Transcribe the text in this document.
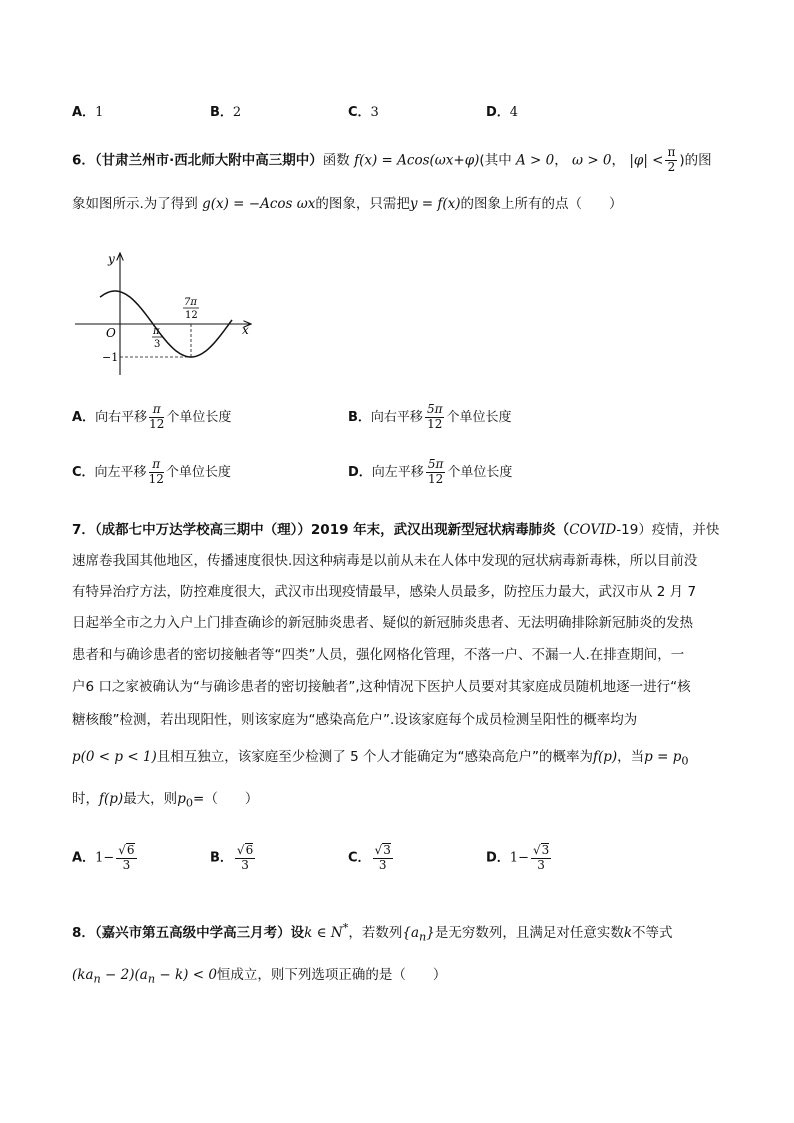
A．1	B．2	C．3	D．4
6．（甘肃兰州市·西北师大附中高三期中）函数 f(x) = Acos(ωx+φ)(其中 A > 0， ω > 0， $|\varphi| < \frac{\pi}{2}$ )的图
象如图所示.为了得到 g(x) = −Acos ωx的图象，只需把y = f(x)的图象上所有的点（　　）
y
x
O	π
3
7π
12
−1
A．向右平移 $\frac{\pi}{12}$ 个单位长度	B．向右平移 $\frac{5\pi}{12}$ 个单位长度
C．向左平移 $\frac{\pi}{12}$ 个单位长度	D．向左平移 $\frac{5\pi}{12}$ 个单位长度
7．（成都七中万达学校高三期中（理））2019 年末，武汉出现新型冠状病毒肺炎（COVID-19）疫情，并快
速席卷我国其他地区，传播速度很快.因这种病毒是以前从未在人体中发现的冠状病毒新毒株，所以目前没
有特异治疗方法，防控难度很大，武汉市出现疫情最早，感染人员最多，防控压力最大，武汉市从 2 月 7
日起举全市之力入户上门排查确诊的新冠肺炎患者、疑似的新冠肺炎患者、无法明确排除新冠肺炎的发热
患者和与确诊患者的密切接触者等“四类”人员，强化网格化管理，不落一户、不漏一人.在排查期间，一
户6 口之家被确认为“与确诊患者的密切接触者”,这种情况下医护人员要对其家庭成员随机地逐一进行“核
糖核酸”检测，若出现阳性，则该家庭为“感染高危户”.设该家庭每个成员检测呈阳性的概率均为
p(0 < p < 1)且相互独立，该家庭至少检测了 5 个人才能确定为“感染高危户”的概率为f(p)，当$p = p_0$
时，f(p)最大，则$p_0=$（　　）
A．$1- \frac{√6}{3}$	B． $\frac{√6}{3}$	C． $\frac{√3}{3}$	D．$1- \frac{√3}{3}$
8．（嘉兴市第五高级中学高三月考）设k ∈ N*，若数列$\{a_n\}$是无穷数列，且满足对任意实数k不等式
$(ka_n - 2)(a_n - k) < 0$恒成立，则下列选项正确的是（　　）
